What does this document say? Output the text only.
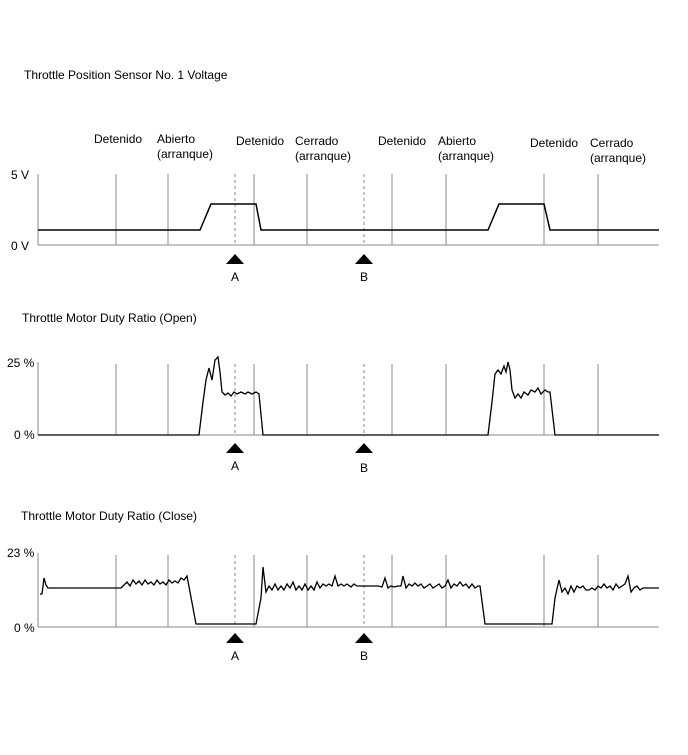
Throttle Position Sensor No. 1 Voltage
Detenido Abierto
(arranque)
Detenido Cerrado
(arranque)
Detenido Abierto
(arranque)
Detenido Cerrado
(arranque)
5 V
0 V
A	B
Throttle Motor Duty Ratio (Open)
25 %
0 %
A	B
Throttle Motor Duty Ratio (Close)
23 %
0 %
A	B
